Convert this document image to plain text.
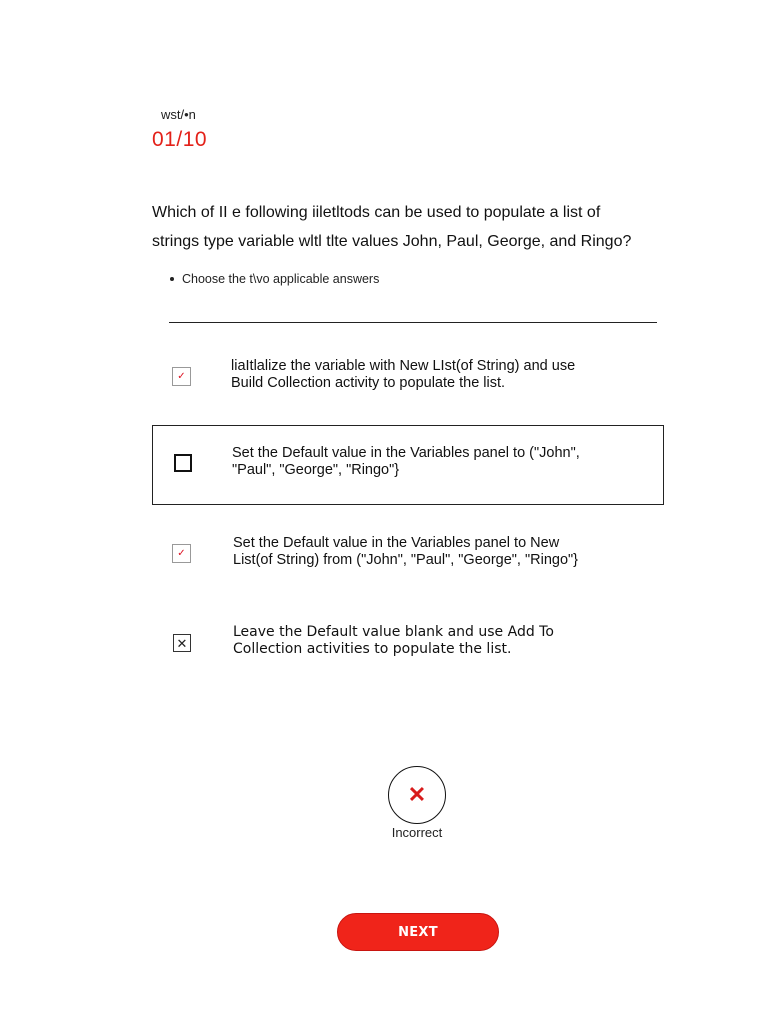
wst/•n
01/10
Which of II e following iiletltods can be used to populate a list of
strings type variable wltl tlte values John, Paul, George, and Ringo?
Choose the t\vo applicable answers
✓
liaItlalize the variable with New LIst(of String) and use
Build Collection activity to populate the list.
Set the Default value in the Variables panel to ("John",
"Paul", "George", "Ringo"}
✓
Set the Default value in the Variables panel to New
List(of String) from ("John", "Paul", "George", "Ringo"}
✕
Leave the Default value blank and use Add To
Collection activities to populate the list.
✕
Incorrect
NEXT
